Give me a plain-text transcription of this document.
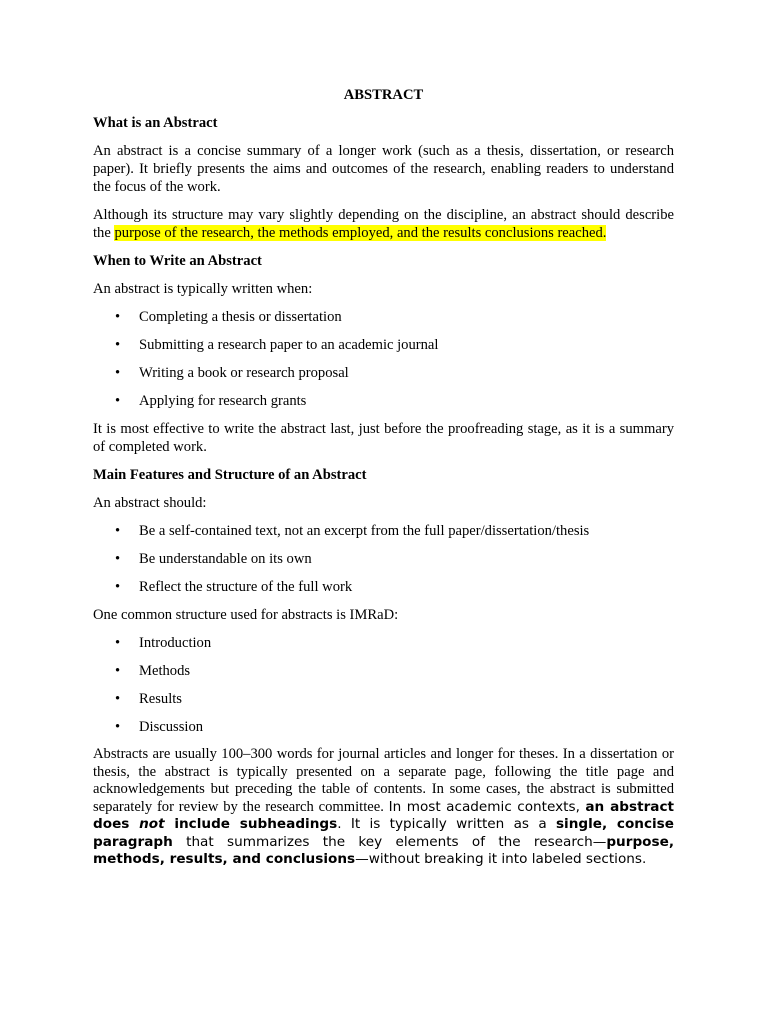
ABSTRACT

What is an Abstract

An abstract is a concise summary of a longer work (such as a thesis, dissertation, or research paper). It briefly presents the aims and outcomes of the research, enabling readers to understand the focus of the work.

Although its structure may vary slightly depending on the discipline, an abstract should describe the purpose of the research, the methods employed, and the results conclusions reached.

When to Write an Abstract

An abstract is typically written when:

• Completing a thesis or dissertation
• Submitting a research paper to an academic journal
• Writing a book or research proposal
• Applying for research grants

It is most effective to write the abstract last, just before the proofreading stage, as it is a summary of completed work.

Main Features and Structure of an Abstract

An abstract should:

• Be a self-contained text, not an excerpt from the full paper/dissertation/thesis
• Be understandable on its own
• Reflect the structure of the full work

One common structure used for abstracts is IMRaD:

• Introduction
• Methods
• Results
• Discussion

Abstracts are usually 100–300 words for journal articles and longer for theses. In a dissertation or thesis, the abstract is typically presented on a separate page, following the title page and acknowledgements but preceding the table of contents. In some cases, the abstract is submitted separately for review by the research committee. In most academic contexts, an abstract does not include subheadings. It is typically written as a single, concise paragraph that summarizes the key elements of the research—purpose, methods, results, and conclusions—without breaking it into labeled sections.
